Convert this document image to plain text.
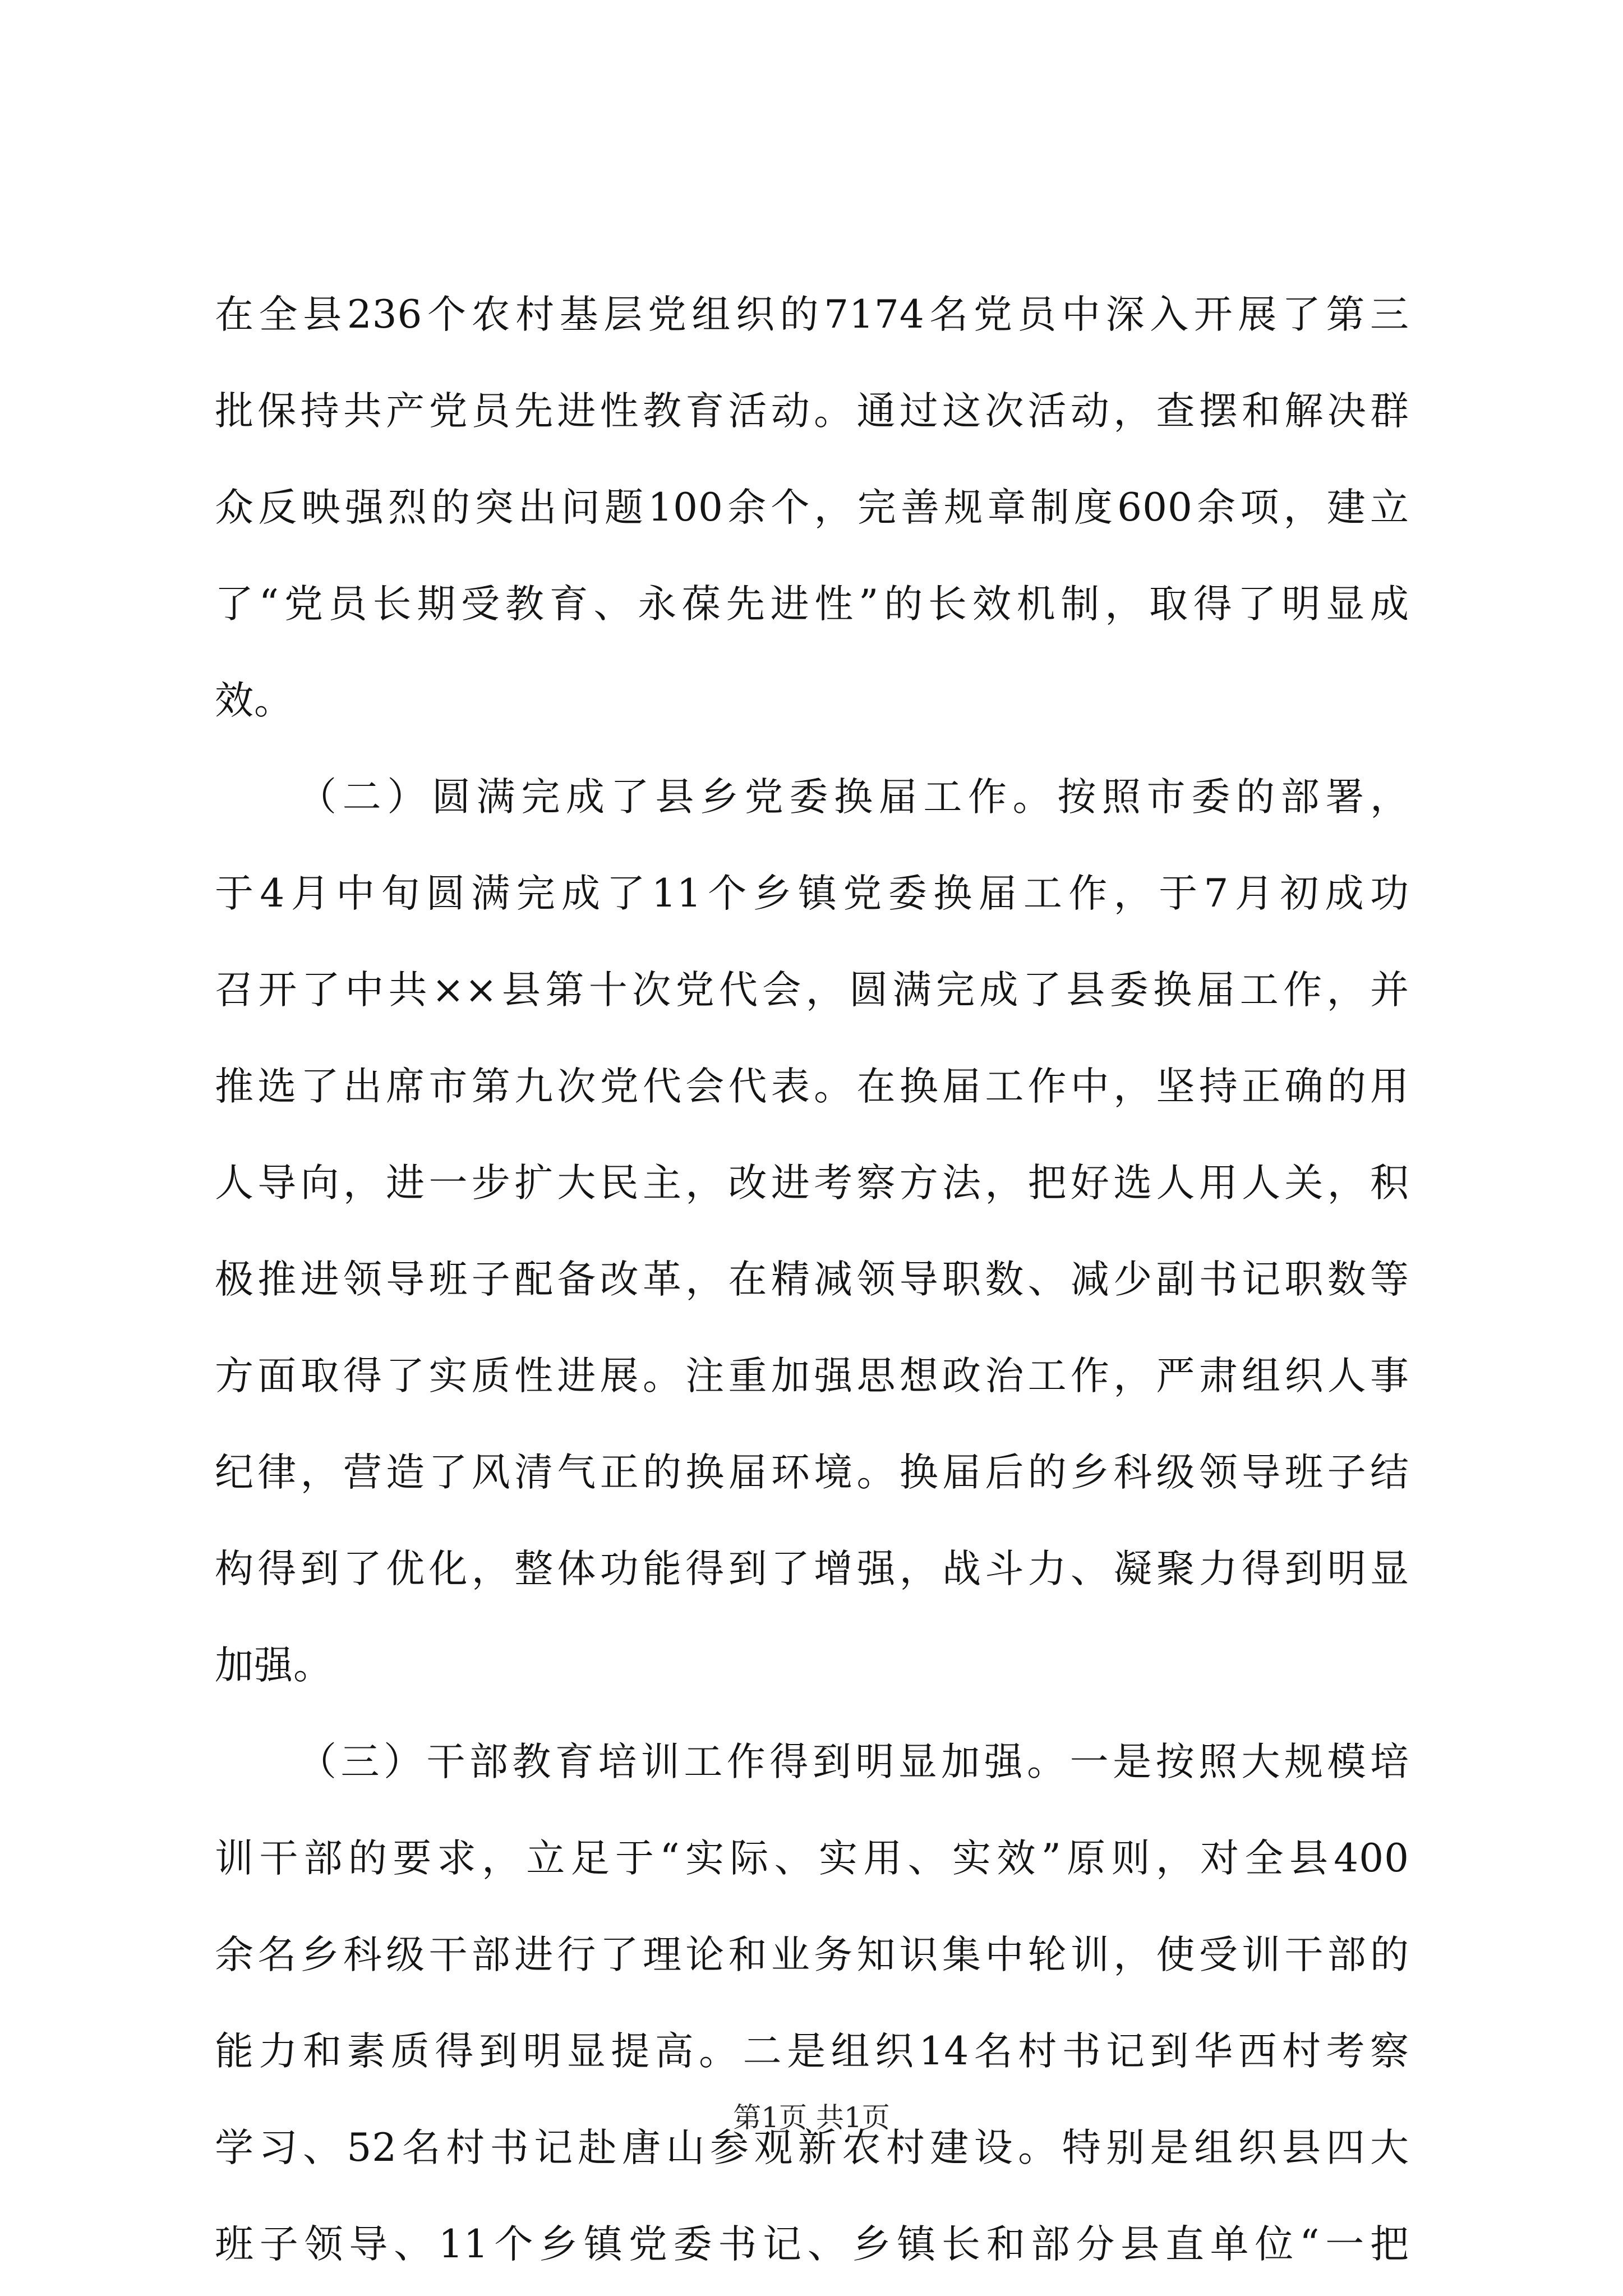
在全县236个农村基层党组织的7174名党员中深入开展了第三
批保持共产党员先进性教育活动。通过这次活动，查摆和解决群
众反映强烈的突出问题100余个，完善规章制度600余项，建立
了“党员长期受教育、永葆先进性”的长效机制，取得了明显成
效。
（二）圆满完成了县乡党委换届工作。按照市委的部署，
于4月中旬圆满完成了11个乡镇党委换届工作，于7月初成功
召开了中共××县第十次党代会，圆满完成了县委换届工作，并
推选了出席市第九次党代会代表。在换届工作中，坚持正确的用
人导向，进一步扩大民主，改进考察方法，把好选人用人关，积
极推进领导班子配备改革，在精减领导职数、减少副书记职数等
方面取得了实质性进展。注重加强思想政治工作，严肃组织人事
纪律，营造了风清气正的换届环境。换届后的乡科级领导班子结
构得到了优化，整体功能得到了增强，战斗力、凝聚力得到明显
加强。
（三）干部教育培训工作得到明显加强。一是按照大规模培
训干部的要求，立足于“实际、实用、实效”原则，对全县400
余名乡科级干部进行了理论和业务知识集中轮训，使受训干部的
能力和素质得到明显提高。二是组织14名村书记到华西村考察
学习、52名村书记赴唐山参观新农村建设。特别是组织县四大
班子领导、11个乡镇党委书记、乡镇长和部分县直单位“一把
第1页 共1页
